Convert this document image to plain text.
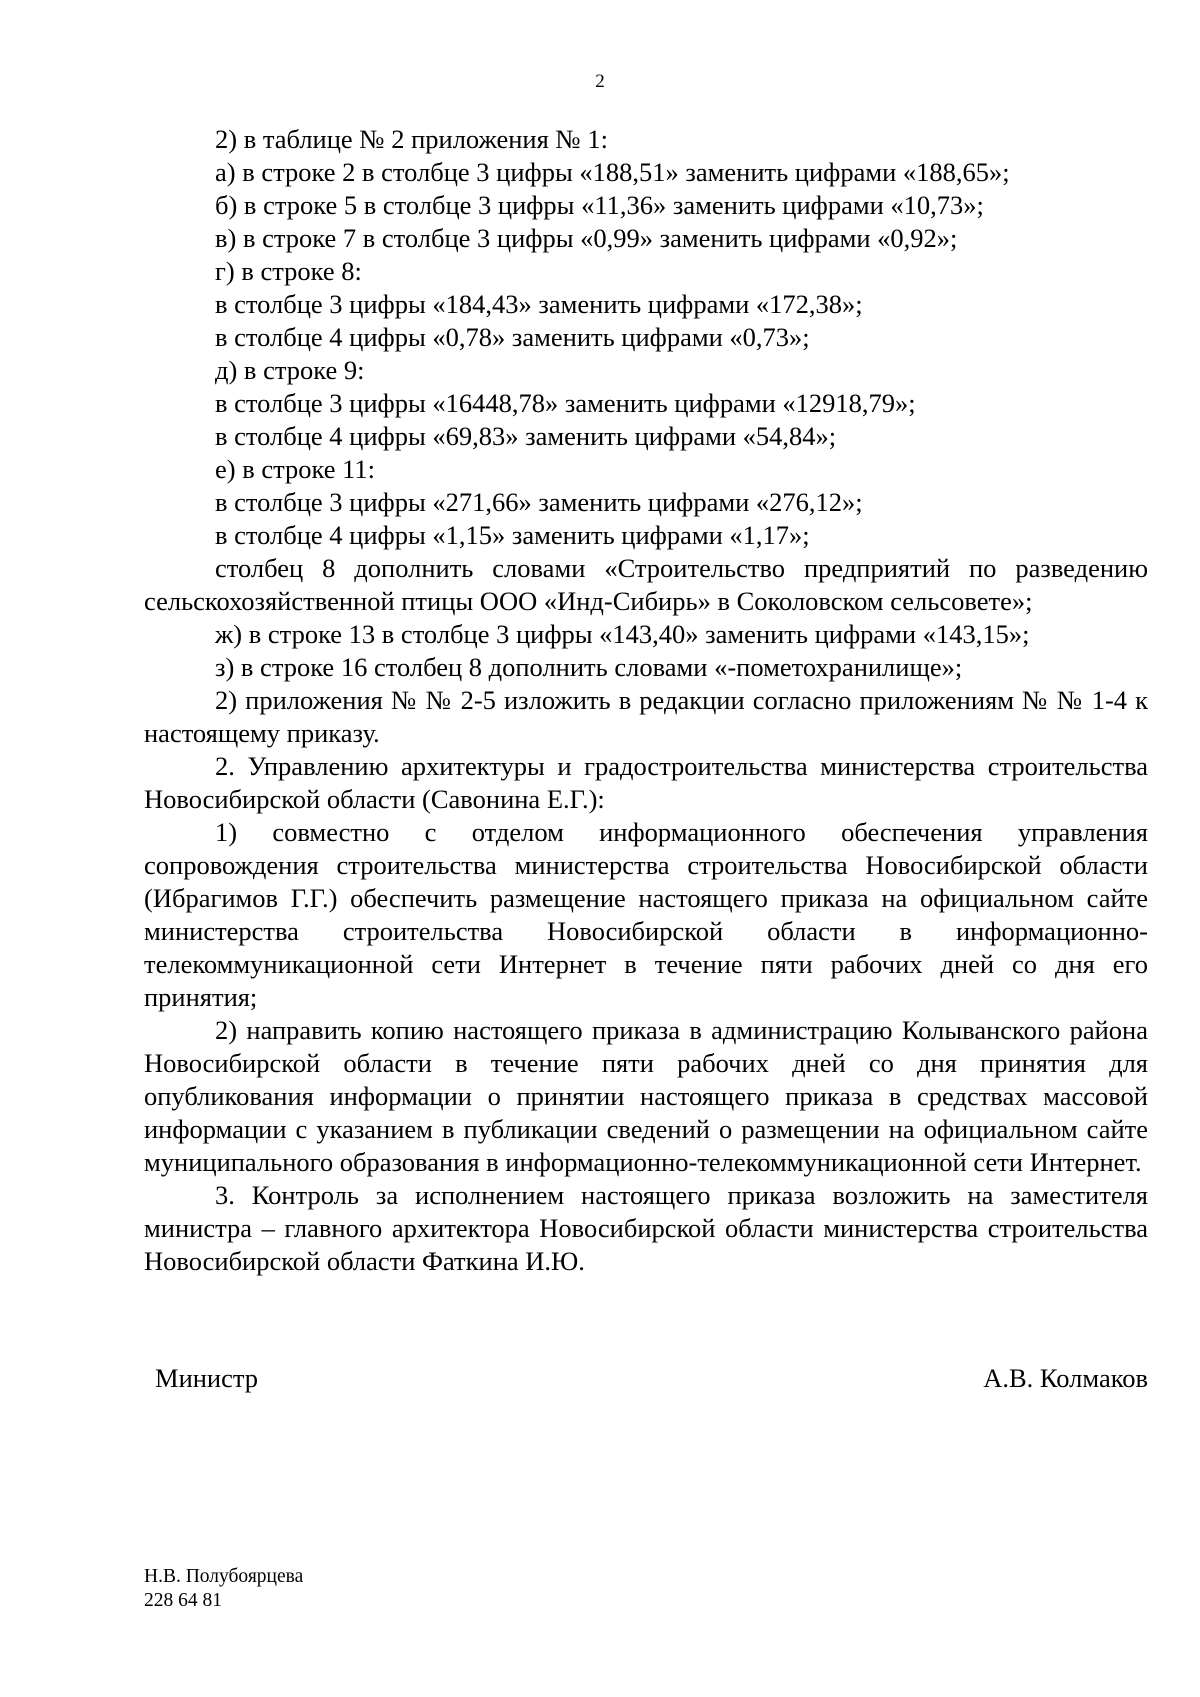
2

2) в таблице № 2 приложения № 1:

а) в строке 2 в столбце 3 цифры «188,51» заменить цифрами «188,65»;

б) в строке 5 в столбце 3 цифры «11,36» заменить цифрами «10,73»;

в) в строке 7 в столбце 3 цифры «0,99» заменить цифрами «0,92»;

г) в строке 8:

в столбце 3 цифры «184,43» заменить цифрами «172,38»;

в столбце 4 цифры «0,78» заменить цифрами «0,73»;

д) в строке 9:

в столбце 3 цифры «16448,78» заменить цифрами «12918,79»;

в столбце 4 цифры «69,83» заменить цифрами «54,84»;

е) в строке 11:

в столбце 3 цифры «271,66» заменить цифрами «276,12»;

в столбце 4 цифры «1,15» заменить цифрами «1,17»;

столбец 8 дополнить словами «Строительство предприятий по разведению сельскохозяйственной птицы ООО «Инд-Сибирь» в Соколовском сельсовете»;

ж) в строке 13 в столбце 3 цифры «143,40» заменить цифрами «143,15»;

з) в строке 16 столбец 8 дополнить словами «-пометохранилище»;

2) приложения № № 2-5 изложить в редакции согласно приложениям № № 1-4 к настоящему приказу.

2. Управлению архитектуры и градостроительства министерства строительства Новосибирской области (Савонина Е.Г.):

1) совместно с отделом информационного обеспечения управления сопровождения строительства министерства строительства Новосибирской области (Ибрагимов Г.Г.) обеспечить размещение настоящего приказа на официальном сайте министерства строительства Новосибирской области в информационно-телекоммуникационной сети Интернет в течение пяти рабочих дней со дня его принятия;

2) направить копию настоящего приказа в администрацию Колыванского района Новосибирской области в течение пяти рабочих дней со дня принятия для опубликования информации о принятии настоящего приказа в средствах массовой информации с указанием в публикации сведений о размещении на официальном сайте муниципального образования в информационно-телекоммуникационной сети Интернет.

3. Контроль за исполнением настоящего приказа возложить на заместителя министра – главного архитектора Новосибирской области министерства строительства Новосибирской области Фаткина И.Ю.

Министр	А.В. Колмаков
Н.В. Полубоярцева
228 64 81
